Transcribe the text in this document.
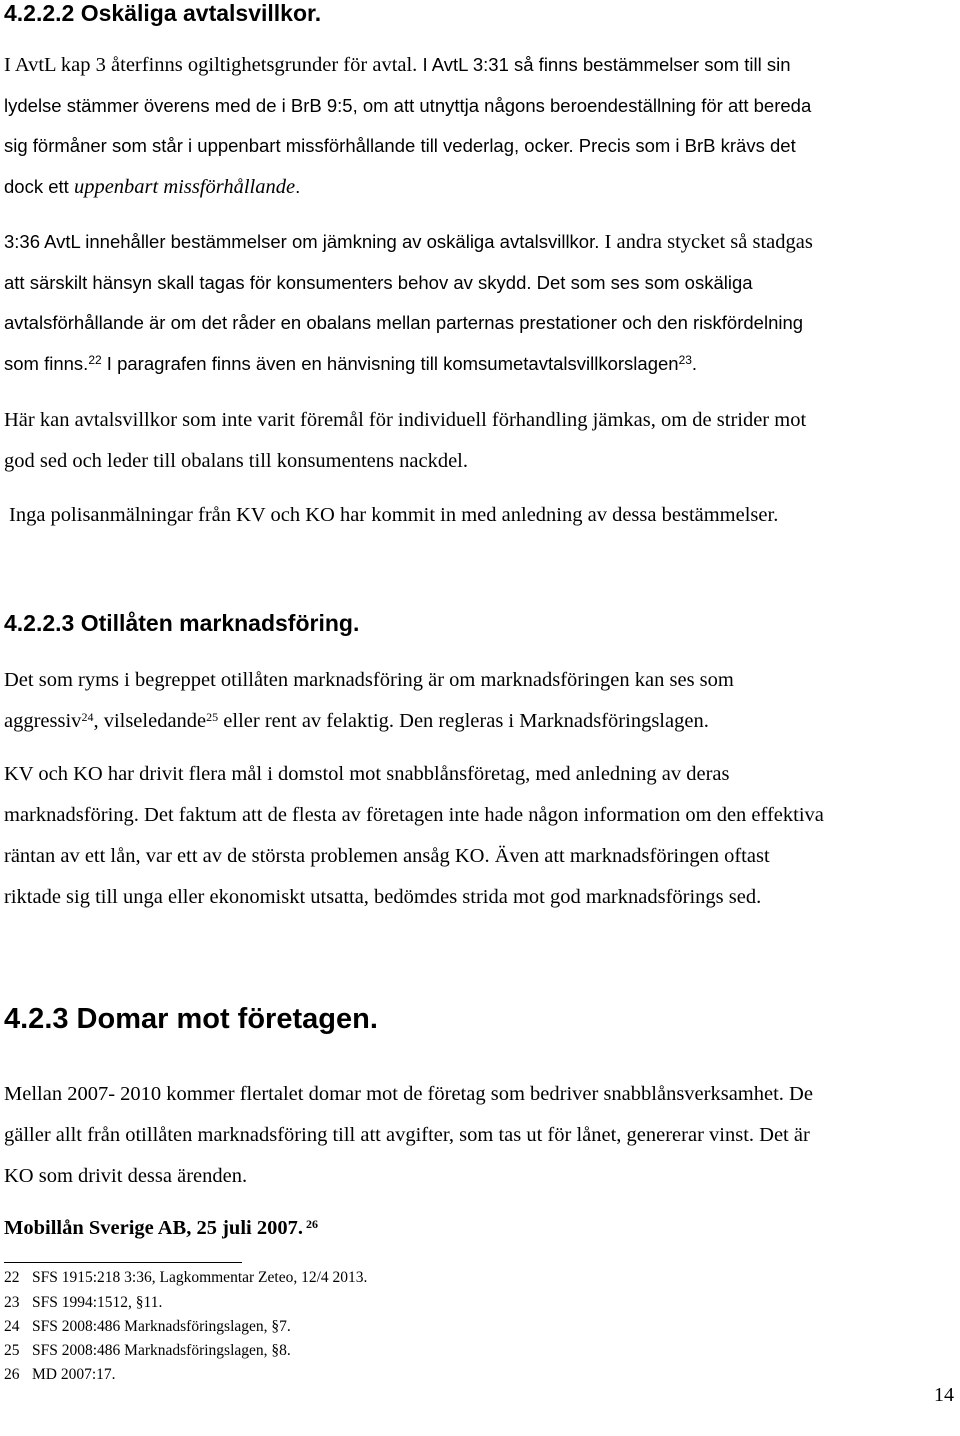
4.2.2.2 Oskäliga avtalsvillkor.
I AvtL kap 3 återfinns ogiltighetsgrunder för avtal. I AvtL 3:31 så finns bestämmelser som till sin
lydelse stämmer överens med de i BrB 9:5, om att utnyttja någons beroendeställning för att bereda
sig förmåner som står i uppenbart missförhållande till vederlag, ocker. Precis som i BrB krävs det
dock ett uppenbart missförhållande.
3:36 AvtL innehåller bestämmelser om jämkning av oskäliga avtalsvillkor. I andra stycket så stadgas
att särskilt hänsyn skall tagas för konsumenters behov av skydd. Det som ses som oskäliga
avtalsförhållande är om det råder en obalans mellan parternas prestationer och den riskfördelning
som finns.$^{22}$ I paragrafen finns även en hänvisning till komsumetavtalsvillkorslagen$^{23}$.
Här kan avtalsvillkor som inte varit föremål för individuell förhandling jämkas, om de strider mot
god sed och leder till obalans till konsumentens nackdel.
Inga polisanmälningar från KV och KO har kommit in med anledning av dessa bestämmelser.
4.2.2.3 Otillåten marknadsföring.
Det som ryms i begreppet otillåten marknadsföring är om marknadsföringen kan ses som
aggressiv$^{24}$, vilseledande$^{25}$ eller rent av felaktig. Den regleras i Marknadsföringslagen.
KV och KO har drivit flera mål i domstol mot snabblånsföretag, med anledning av deras
marknadsföring. Det faktum att de flesta av företagen inte hade någon information om den effektiva
räntan av ett lån, var ett av de största problemen ansåg KO. Även att marknadsföringen oftast
riktade sig till unga eller ekonomiskt utsatta, bedömdes strida mot god marknadsförings sed.
4.2.3 Domar mot företagen.
Mellan 2007- 2010 kommer flertalet domar mot de företag som bedriver snabblånsverksamhet. De
gäller allt från otillåten marknadsföring till att avgifter, som tas ut för lånet, genererar vinst. Det är
KO som drivit dessa ärenden.
Mobillån Sverige AB, 25 juli 2007. $^{26}$
22 SFS 1915:218 3:36, Lagkommentar Zeteo, 12/4 2013.
23 SFS 1994:1512, §11.
24 SFS 2008:486 Marknadsföringslagen, §7.
25 SFS 2008:486 Marknadsföringslagen, §8.
26 MD 2007:17.
14
